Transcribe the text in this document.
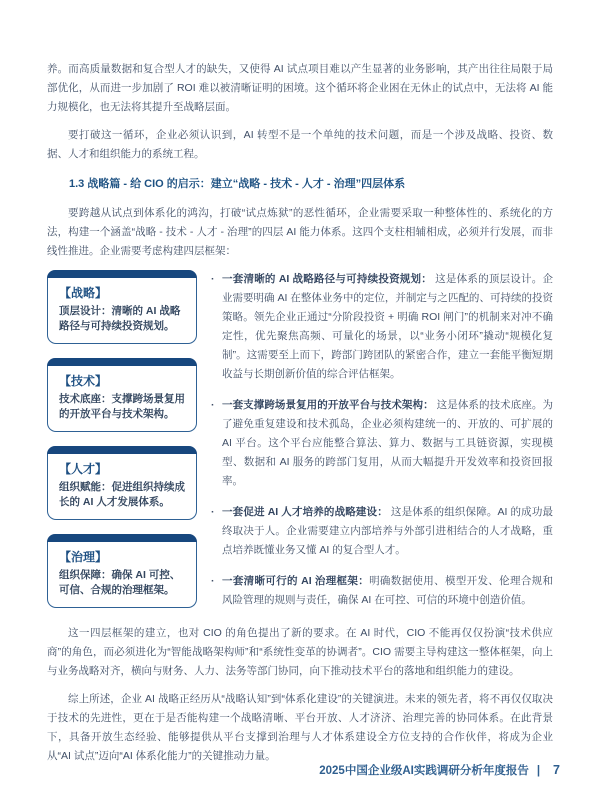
养。而高质量数据和复合型人才的缺失，又使得 AI 试点项目难以产生显著的业务影响，其产出往往局限于局部优化，从而进一步加剧了 ROI 难以被清晰证明的困境。这个循环将企业困在无休止的试点中，无法将 AI 能力规模化，也无法将其提升至战略层面。

要打破这一循环，企业必须认识到，AI 转型不是一个单纯的技术问题，而是一个涉及战略、投资、数据、人才和组织能力的系统工程。

1.3 战略篇 - 给 CIO 的启示：建立“战略 - 技术 - 人才 - 治理”四层体系

要跨越从试点到体系化的鸿沟，打破“试点炼狱”的恶性循环，企业需要采取一种整体性的、系统化的方法，构建一个涵盖“战略 - 技术 - 人才 - 治理”的四层 AI 能力体系。这四个支柱相辅相成，必须并行发展，而非线性推进。企业需要考虑构建四层框架：

【战略】
顶层设计：清晰的 AI 战略路径与可持续投资规划。
【技术】
技术底座：支撑跨场景复用的开放平台与技术架构。
【人才】
组织赋能：促进组织持续成长的 AI 人才发展体系。
【治理】
组织保障：确保 AI 可控、可信、合规的治理框架。
· 一套清晰的 AI 战略路径与可持续投资规划： 这是体系的顶层设计。企业需要明确 AI 在整体业务中的定位，并制定与之匹配的、可持续的投资策略。领先企业正通过“分阶段投资 + 明确 ROI 闸门”的机制来对冲不确定性，优先聚焦高频、可量化的场景，以“业务小闭环”撬动“规模化复制”。这需要至上而下，跨部门跨团队的紧密合作，建立一套能平衡短期收益与长期创新价值的综合评估框架。

· 一套支撑跨场景复用的开放平台与技术架构： 这是体系的技术底座。为了避免重复建设和技术孤岛，企业必须构建统一的、开放的、可扩展的 AI 平台。这个平台应能整合算法、算力、数据与工具链资源，实现模型、数据和 AI 服务的跨部门复用，从而大幅提升开发效率和投资回报率。

· 一套促进 AI 人才培养的战略建设： 这是体系的组织保障。AI 的成功最终取决于人。企业需要建立内部培养与外部引进相结合的人才战略，重点培养既懂业务又懂 AI 的复合型人才。

· 一套清晰可行的 AI 治理框架：明确数据使用、模型开发、伦理合规和风险管理的规则与责任，确保 AI 在可控、可信的环境中创造价值。

这一四层框架的建立，也对 CIO 的角色提出了新的要求。在 AI 时代，CIO 不能再仅仅扮演“技术供应商”的角色，而必须进化为“智能战略架构师”和“系统性变革的协调者”。CIO 需要主导构建这一整体框架，向上与业务战略对齐，横向与财务、人力、法务等部门协同，向下推动技术平台的落地和组织能力的建设。

综上所述，企业 AI 战略正经历从“战略认知”到“体系化建设”的关键演进。未来的领先者，将不再仅仅取决于技术的先进性，更在于是否能构建一个战略清晰、平台开放、人才济济、治理完善的协同体系。在此背景下，具备开放生态经验、能够提供从平台支撑到治理与人才体系建设全方位支持的合作伙伴，将成为企业从“AI 试点”迈向“AI 体系化能力”的关键推动力量。

2025中国企业级AI实践调研分析年度报告 | 7
